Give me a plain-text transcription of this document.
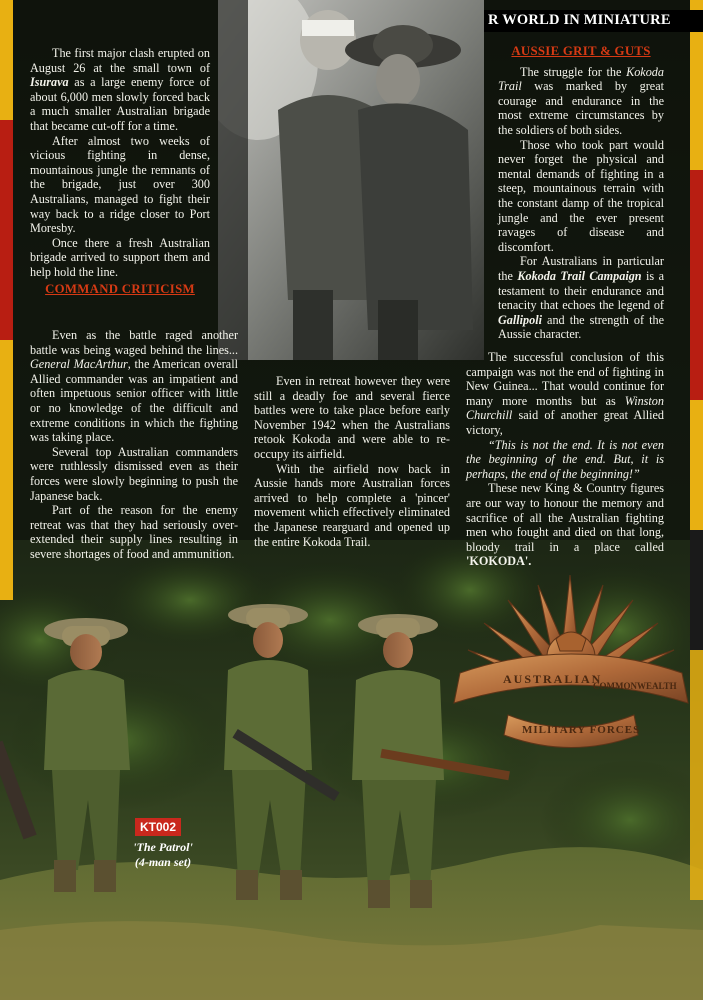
R WORLD IN MINIATURE

The first major clash erupted on August 26 at the small town of Isurava as a large enemy force of about 6,000 men slowly forced back a much smaller Australian brigade that became cut-off for a time.

After almost two weeks of vicious fighting in dense, mountainous jungle the remnants of the brigade, just over 300 Australians, managed to fight their way back to a ridge closer to Port Moresby.

Once there a fresh Australian brigade arrived to support them and help hold the line.

COMMAND CRITICISM

Even as the battle raged another battle was being waged behind the lines... General MacArthur, the American overall Allied commander was an impatient and often impetuous senior officer with little or no knowledge of the difficult and extreme conditions in which the fighting was taking place.

Several top Australian commanders were ruthlessly dismissed even as their forces were slowly beginning to push the Japanese back.

Part of the reason for the enemy retreat was that they had seriously over-extended their supply lines resulting in severe shortages of food and ammunition.

Even in retreat however they were still a deadly foe and several fierce battles were to take place before early November 1942 when the Australians retook Kokoda and were able to re-occupy its airfield.

With the airfield now back in Aussie hands more Australian forces arrived to help complete a 'pincer' movement which effectively eliminated the Japanese rearguard and opened up the entire Kokoda Trail.

AUSSIE GRIT & GUTS

The struggle for the Kokoda Trail was marked by great courage and endurance in the most extreme circumstances by the soldiers of both sides.

Those who took part would never forget the physical and mental demands of fighting in a steep, mountainous terrain with the constant damp of the tropical jungle and the ever present ravages of disease and discomfort.

For Australians in particular the Kokoda Trail Campaign is a testament to their endurance and tenacity that echoes the legend of Gallipoli and the strength of the Aussie character.

The successful conclusion of this campaign was not the end of fighting in New Guinea... That would continue for many more months but as Winston Churchill said of another great Allied victory,

“This is not the end. It is not even the beginning of the end. But, it is perhaps, the end of the beginning!”

These new King & Country figures are our way to honour the memory and sacrifice of all the Australian fighting men who fought and died on that long, bloody trail in a place called 'KOKODA'.

AUSTRALIAN
COMMONWEALTH
MILITARY FORCES
KT002
'The Patrol'
(4-man set)
